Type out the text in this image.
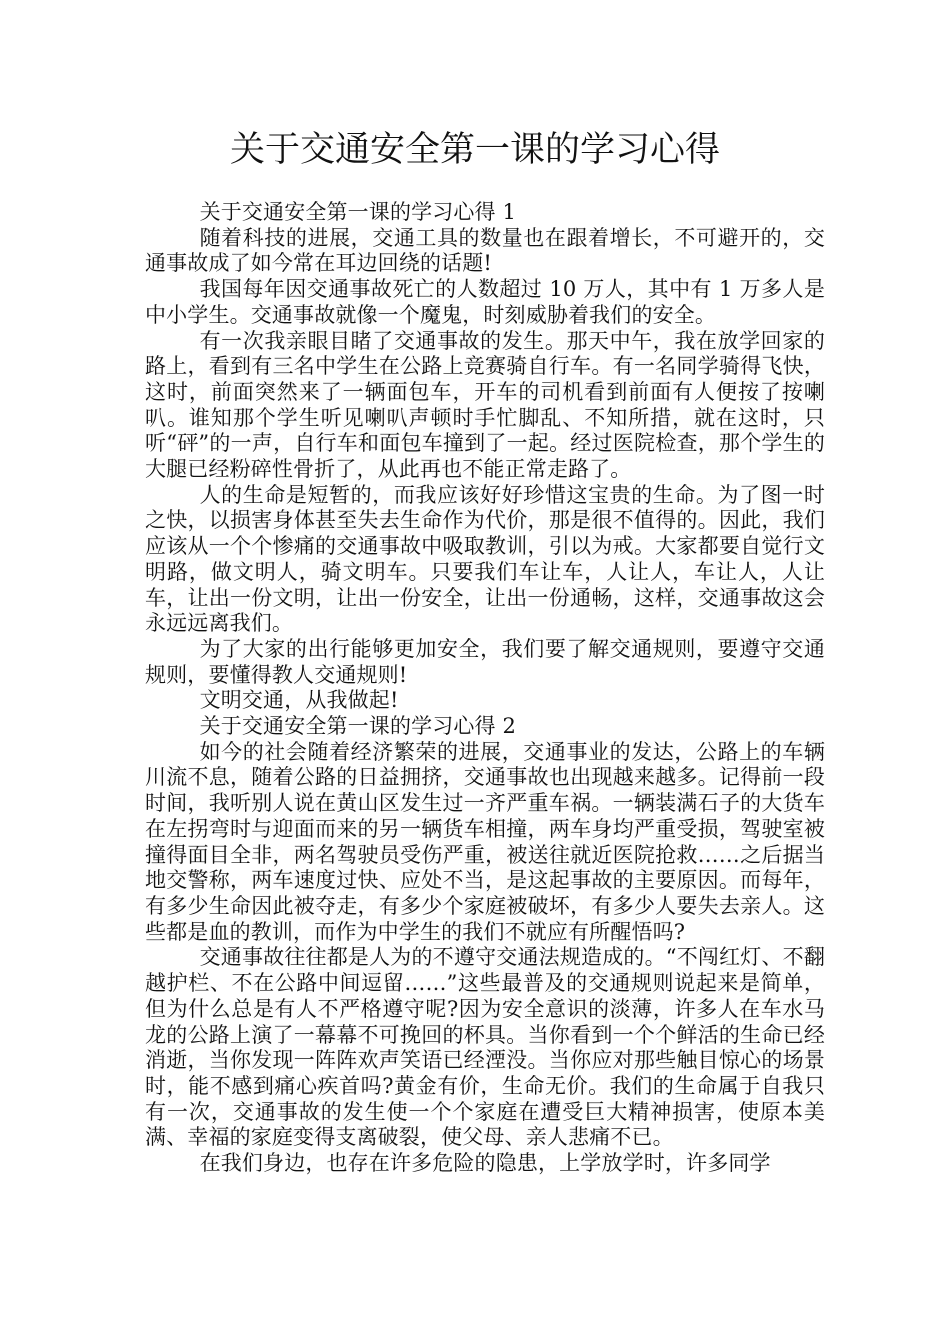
关于交通安全第一课的学习心得

关于交通安全第一课的学习心得 1

随着科技的进展，交通工具的数量也在跟着增长，不可避开的，交通事故成了如今常在耳边回绕的话题!

我国每年因交通事故死亡的人数超过 10 万人，其中有 1 万多人是中小学生。交通事故就像一个魔鬼，时刻威胁着我们的安全。

有一次我亲眼目睹了交通事故的发生。那天中午，我在放学回家的路上，看到有三名中学生在公路上竞赛骑自行车。有一名同学骑得飞快，这时，前面突然来了一辆面包车，开车的司机看到前面有人便按了按喇叭。谁知那个学生听见喇叭声顿时手忙脚乱、不知所措，就在这时，只听“砰”的一声，自行车和面包车撞到了一起。经过医院检查，那个学生的大腿已经粉碎性骨折了，从此再也不能正常走路了。

人的生命是短暂的，而我应该好好珍惜这宝贵的生命。为了图一时之快，以损害身体甚至失去生命作为代价，那是很不值得的。因此，我们应该从一个个惨痛的交通事故中吸取教训，引以为戒。大家都要自觉行文明路，做文明人，骑文明车。只要我们车让车，人让人，车让人，人让车，让出一份文明，让出一份安全，让出一份通畅，这样，交通事故这会永远远离我们。

为了大家的出行能够更加安全，我们要了解交通规则，要遵守交通规则，要懂得教人交通规则!

文明交通，从我做起!

关于交通安全第一课的学习心得 2

如今的社会随着经济繁荣的进展，交通事业的发达，公路上的车辆川流不息，随着公路的日益拥挤，交通事故也出现越来越多。记得前一段时间，我听别人说在黄山区发生过一齐严重车祸。一辆装满石子的大货车在左拐弯时与迎面而来的另一辆货车相撞，两车身均严重受损，驾驶室被撞得面目全非，两名驾驶员受伤严重，被送往就近医院抢救……之后据当地交警称，两车速度过快、应处不当，是这起事故的主要原因。而每年，有多少生命因此被夺走，有多少个家庭被破坏，有多少人要失去亲人。这些都是血的教训，而作为中学生的我们不就应有所醒悟吗?

交通事故往往都是人为的不遵守交通法规造成的。“不闯红灯、不翻越护栏、不在公路中间逗留……”这些最普及的交通规则说起来是简单，但为什么总是有人不严格遵守呢?因为安全意识的淡薄，许多人在车水马龙的公路上演了一幕幕不可挽回的杯具。当你看到一个个鲜活的生命已经消逝，当你发现一阵阵欢声笑语已经湮没。当你应对那些触目惊心的场景时，能不感到痛心疾首吗?黄金有价，生命无价。我们的生命属于自我只有一次，交通事故的发生使一个个家庭在遭受巨大精神损害，使原本美满、幸福的家庭变得支离破裂，使父母、亲人悲痛不已。

在我们身边，也存在许多危险的隐患，上学放学时，许多同学
